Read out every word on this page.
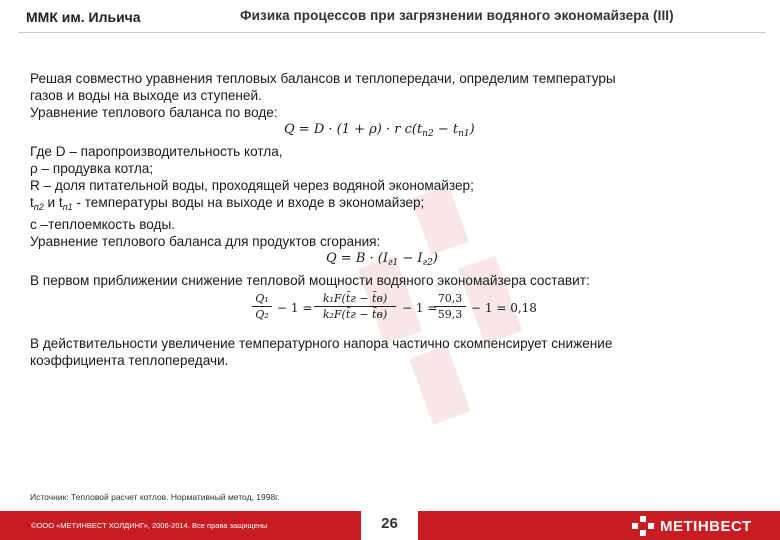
ММК им. Ильича	Физика процессов при загрязнении водяного экономайзера (III)

Решая совместно уравнения тепловых балансов и теплопередачи, определим температуры

газов и воды на выходе из ступеней.

Уравнение теплового баланса по воде:

Q = D · (1 + ρ) · r $c(t_{п2} - t_{п1})$

Где D – паропроизводительность котла,

ρ – продувка котла;

R – доля питательной воды, проходящей через водяной экономайзер;

$t_{п2}$ и $t_{п1}$ - температуры воды на выходе и входе в экономайзер;

с –теплоемкость воды.

Уравнение теплового баланса для продуктов сгорания:

$Q = B \cdot (I_{г1} - I_{г2})$

В первом приближении снижение тепловой мощности водяного экономайзера составит:

$\frac{\text{Q₁}}{\text{Q₂}} - 1$ =
k₁F(t̄г − t̄в)
k₂F(t̄г − t̄в)	− 1 =
$\frac{70,3}{59,3} - 1 = 0,18$

В действительности увеличение температурного напора частично скомпенсирует снижение

коэффициента теплопередачи.

Источник: Тепловой расчет котлов. Нормативный метод, 1998г.
©ООО «МЕТИНВЕСТ ХОЛДИНГ», 2006-2014. Все права защищены	26	МЕТІНВЕСТ
